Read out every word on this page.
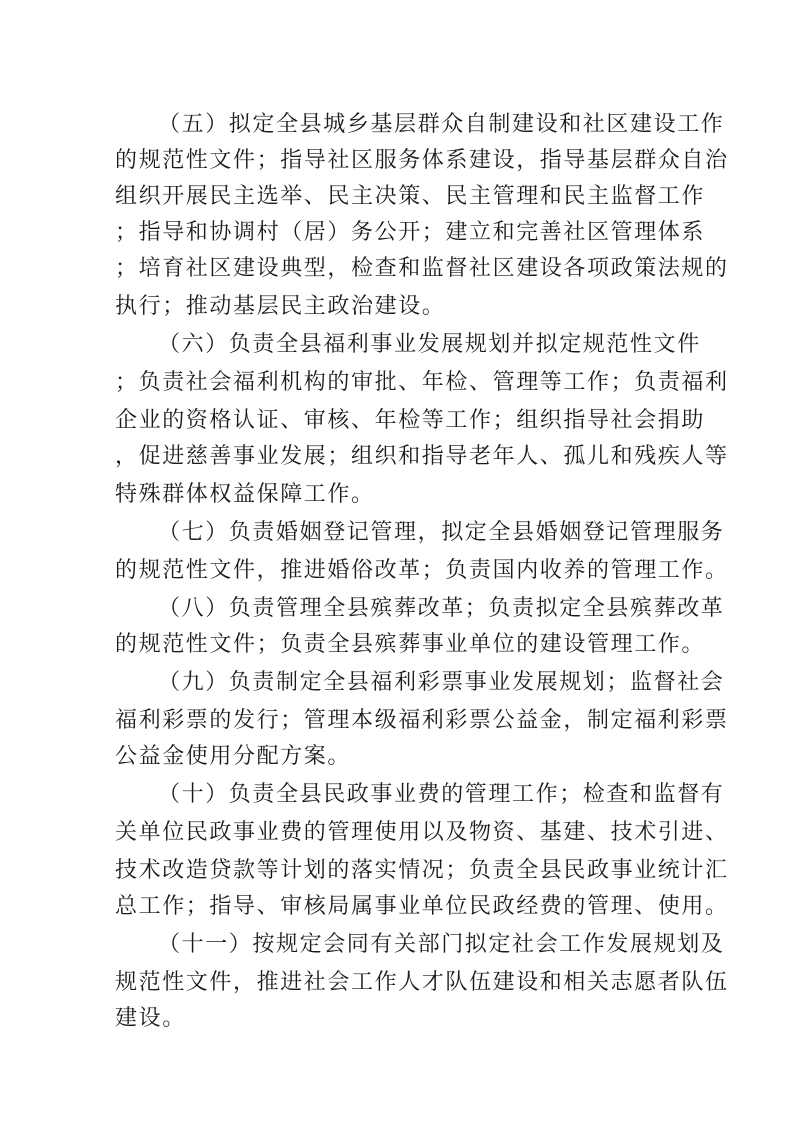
（五）拟定全县城乡基层群众自制建设和社区建设工作
的规范性文件；指导社区服务体系建设，指导基层群众自治
组织开展民主选举、民主决策、民主管理和民主监督工作
；指导和协调村（居）务公开；建立和完善社区管理体系
；培育社区建设典型，检查和监督社区建设各项政策法规的
执行；推动基层民主政治建设。
（六）负责全县福利事业发展规划并拟定规范性文件
；负责社会福利机构的审批、年检、管理等工作；负责福利
企业的资格认证、审核、年检等工作；组织指导社会捐助
，促进慈善事业发展；组织和指导老年人、孤儿和残疾人等
特殊群体权益保障工作。
（七）负责婚姻登记管理，拟定全县婚姻登记管理服务
的规范性文件，推进婚俗改革；负责国内收养的管理工作。
（八）负责管理全县殡葬改革；负责拟定全县殡葬改革
的规范性文件；负责全县殡葬事业单位的建设管理工作。
（九）负责制定全县福利彩票事业发展规划；监督社会
福利彩票的发行；管理本级福利彩票公益金，制定福利彩票
公益金使用分配方案。
（十）负责全县民政事业费的管理工作；检查和监督有
关单位民政事业费的管理使用以及物资、基建、技术引进、
技术改造贷款等计划的落实情况；负责全县民政事业统计汇
总工作；指导、审核局属事业单位民政经费的管理、使用。
（十一）按规定会同有关部门拟定社会工作发展规划及
规范性文件，推进社会工作人才队伍建设和相关志愿者队伍
建设。
